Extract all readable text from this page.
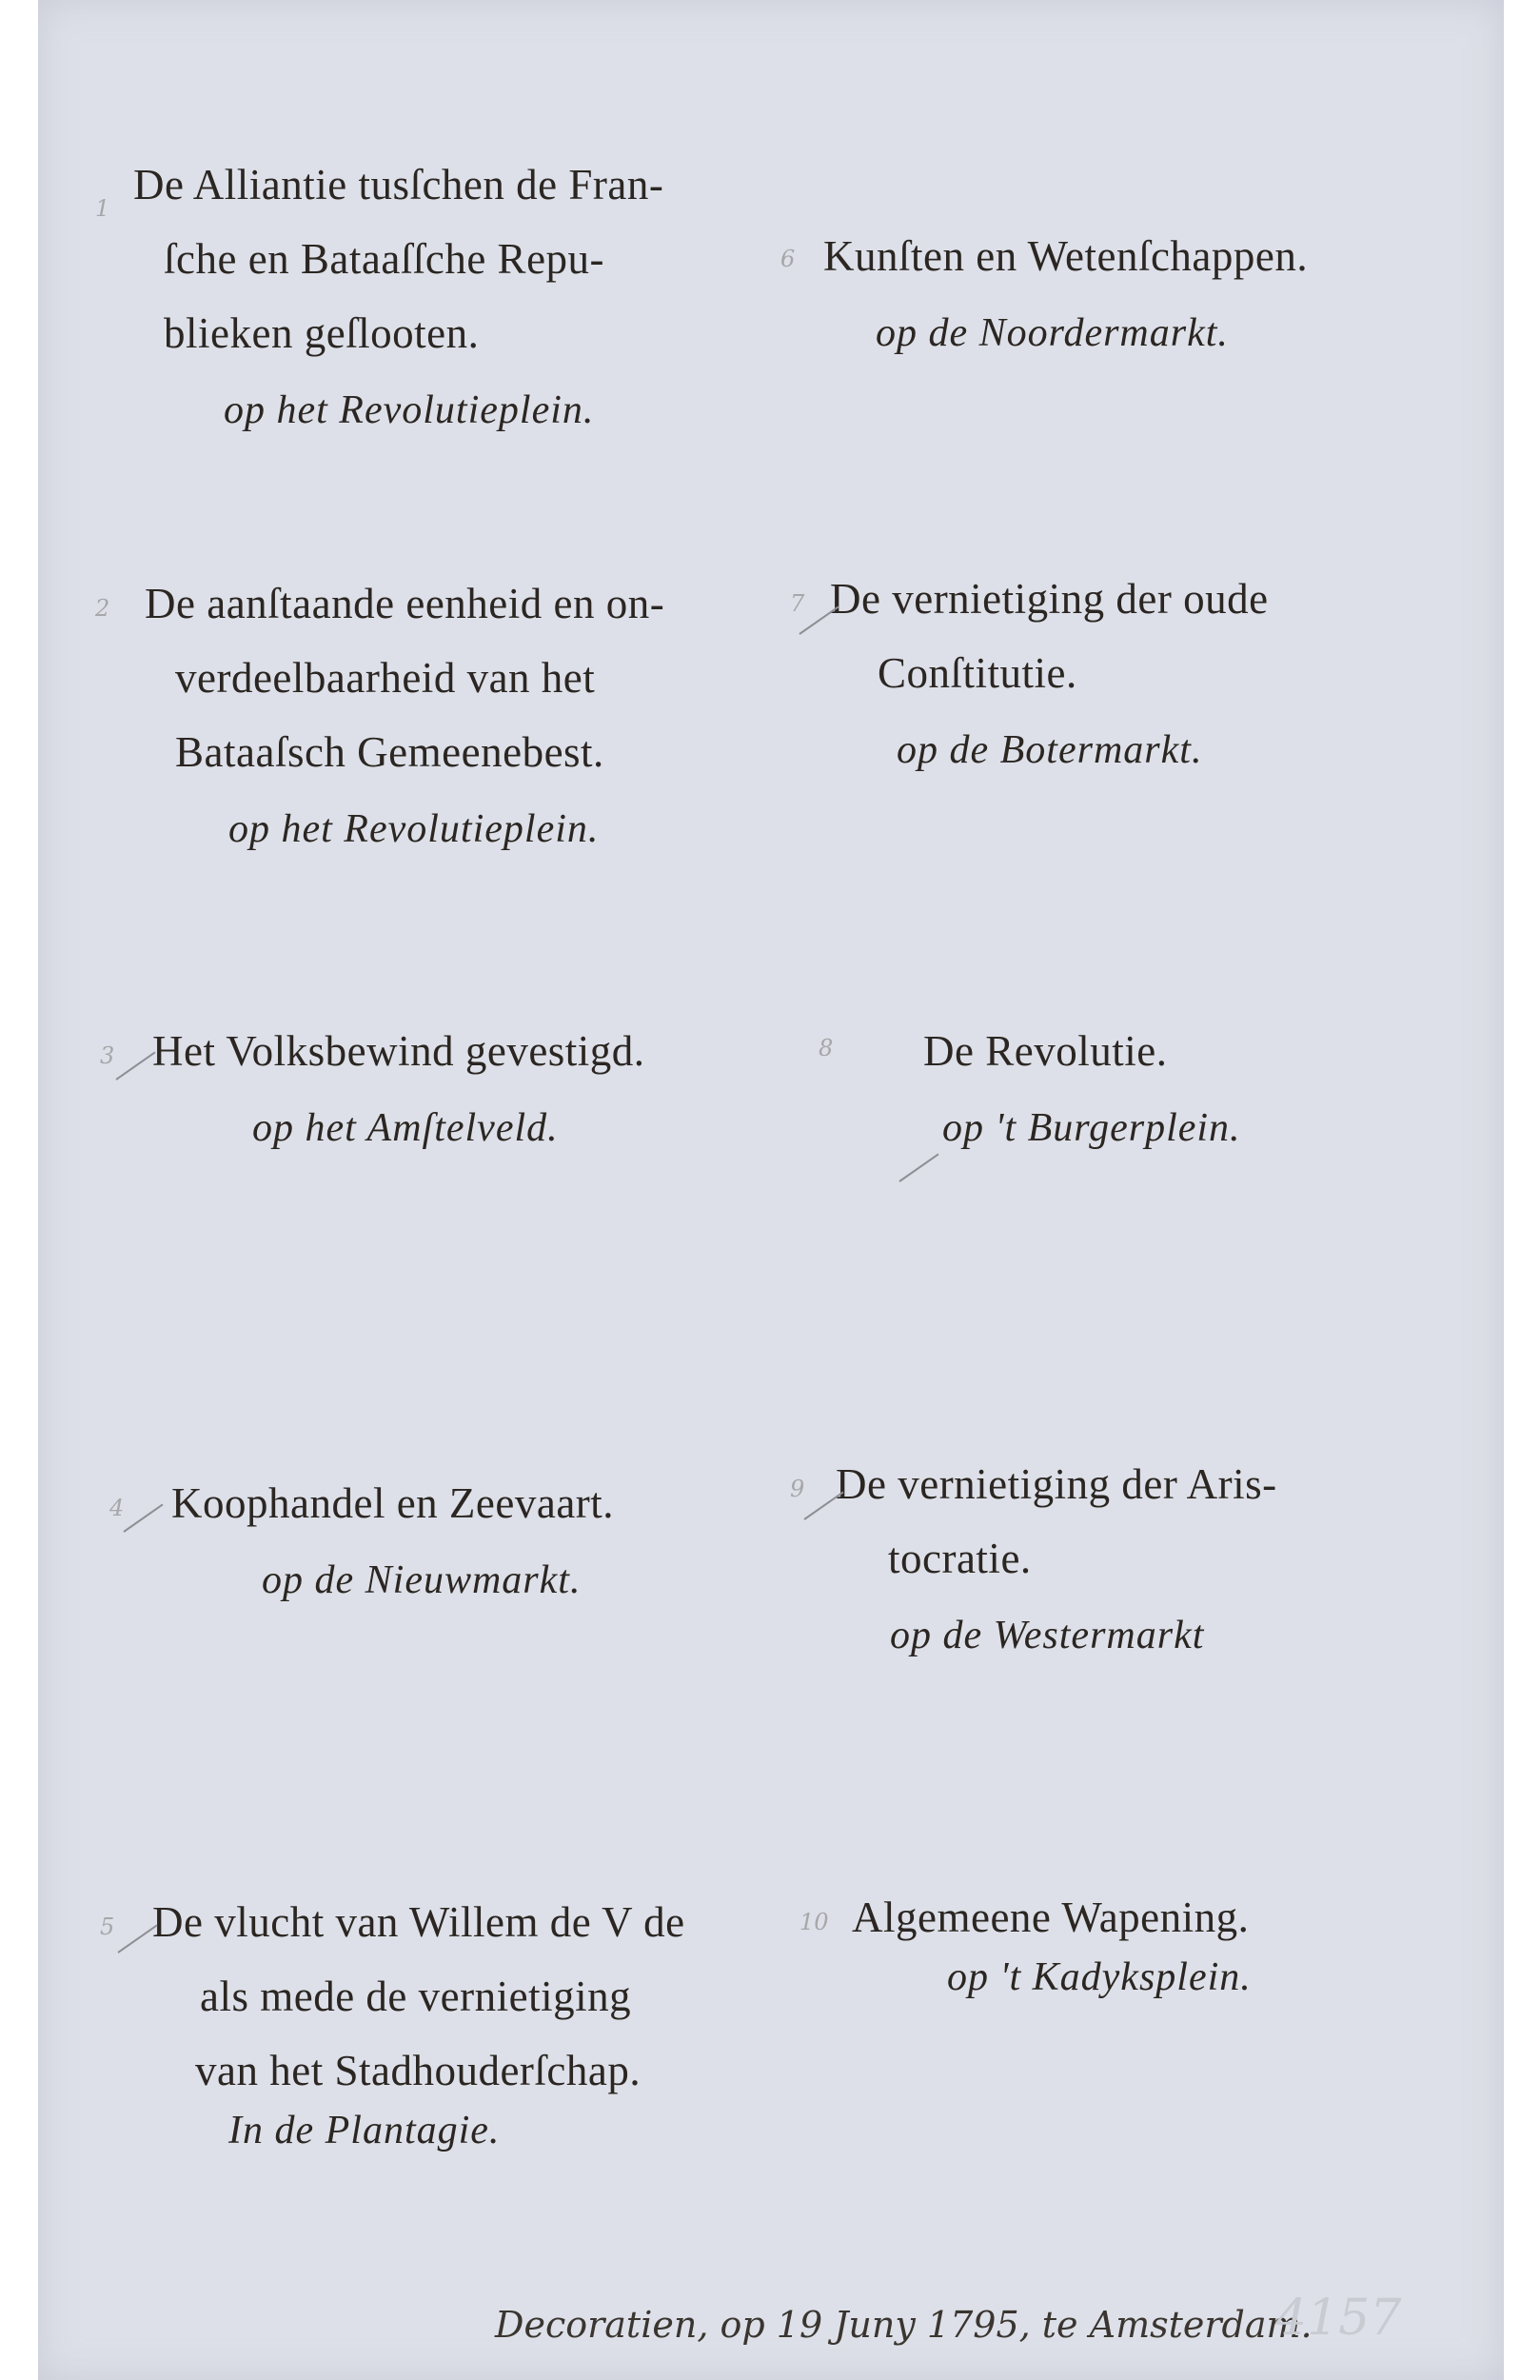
1 De Alliantie tusſchen de Fran-
ſche en Bataaſſche Repu-
blieken geſlooten.
op het Revolutieplein.
2 De aanſtaande eenheid en on-
verdeelbaarheid van het
Bataaſsch Gemeenebest.
op het Revolutieplein.
3 Het Volksbewind gevestigd.
op het Amſtelveld.
4 Koophandel en Zeevaart.
op de Nieuwmarkt.
5 De vlucht van Willem de V de
als mede de vernietiging
van het Stadhouderſchap.
In de Plantagie.
6 Kunſten en Wetenſchappen.
op de Noordermarkt.
7 De vernietiging der oude
Conſtitutie.
op de Botermarkt.
8 De Revolutie.
op 't Burgerplein.
9 De vernietiging der Aris-
tocratie.
op de Westermarkt
10 Algemeene Wapening.
op 't Kadyksplein.
Decoratien, op 19 Juny 1795, te Amsterdam.
4157
